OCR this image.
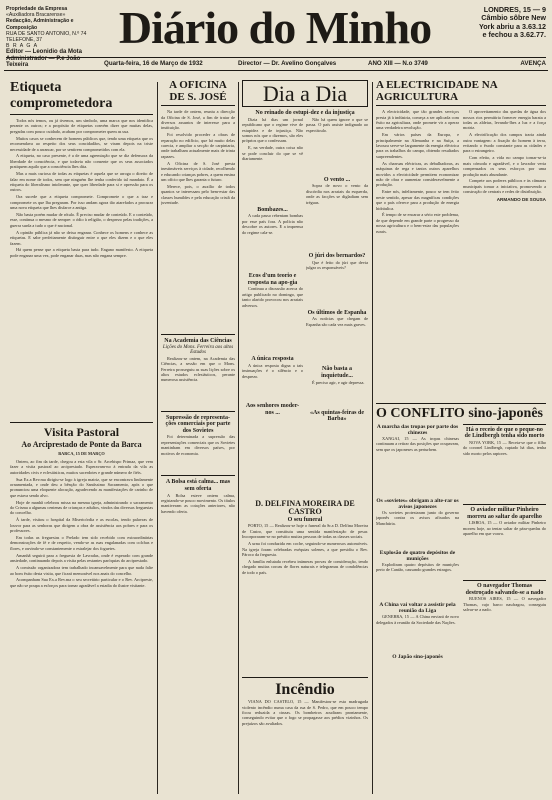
Propriedade da Empresa
«Auxiliadora Bracarense»
Redacção, Administração e Composição
RUA DE SANTO ANTONIO, N.º 74
TELEFONE, 37
B R A G A
Editor — Leonidio da Mota
Administrador — P.e João Teixeira
Diário do Minho	LONDRES, 15 — 9
Câmbio sôbre New
York abriu a 3.63.12
e fechou a 3.62.77.
Quarta-feira, 16 de Março de 1932	Director — Dr. Avelino Gonçalves	ANO XIII — N.o 3749	AVENÇA
Etiqueta comprometedora

Todos nós temos, ou já tivemos, um símbolo, uma marca que nos identifica perante os outros; e a propósito de etiquetas convém dizer que muitas delas, pregadas com pouco cuidado, acabam por comprometer quem as usa.

Muitos casos se conhecem de homens públicos que, tendo uma etiqueta que os recomendava ao respeito dos seus concidadãos, se viram depois na triste necessidade de a arrancar, por se sentirem comprometidos com ela.

A etiqueta, no caso presente, é a de uma agremiação que se diz defensora da liberdade de consciência, e que todavia não consente que os seus associados pratiquem aquilo que a consciência lhes dita.

Mas a mais curiosa de todas as etiquetas é aquela que se arroga o direito de falar em nome de todos, sem que ninguém lhe tenha conferido tal mandato. É a etiqueta do liberalismo intolerante, que quer liberdade para si e opressão para os outros.

Ora sucede que a etiqueta compromete. Compromete o que a traz e compromete os que lha pregaram. Por isso andam agora tão atarefados a procurar uma nova etiqueta que lhes disfarce a antiga.

Não basta porém mudar de rótulo. É preciso mudar de conteúdo. E o conteúdo, esse, continua o mesmo de sempre: o ódio à religião, o desprezo pelas tradições, a guerra surda a tudo o que é nacional.

A opinião pública já não se deixa enganar. Conhece os homens e conhece as etiquetas. E sabe perfeitamente distinguir entre o que eles dizem e o que eles fazem.

Há quem pense que a etiqueta basta para tudo. Engano manifesto. A etiqueta pode enganar uma vez, pode enganar duas, mas não engana sempre.

Visita Pastoral
Ao Arciprestado de Ponte da Barca
BARCA, 15 DE MARÇO

Ontem, ao fim da tarde, chegou a esta vila o Sr. Arcebispo Primaz, que vem fazer a visita pastoral ao arciprestado. Esperavam-no à entrada da vila as autoridades civis e eclesiásticas, muitos sacerdotes e grande número de fiéis.

Sua Ex.a Rev.ma dirigiu-se logo à igreja matriz, que se encontrava lindamente ornamentada, e onde deu a bênção do Santíssimo Sacramento, após o que pronunciou uma eloquente alocução, agradecendo as manifestações de carinho de que estava sendo alvo.

Hoje de manhã celebrou missa na mesma igreja, administrando o sacramento do Crisma a algumas centenas de crianças e adultos, vindos das diversas freguesias do concelho.

À tarde, visitou o hospital da Misericórdia e as escolas, tendo palavras de louvor para as senhoras que dirigem a obra de assistência aos pobres e para os professores.

Em todas as freguesias o Prelado tem sido recebido com extraordinárias demonstrações de fé e de respeito, vendo-se as ruas engalanadas com colchas e flores, e ouvindo-se constantemente o estralejar dos foguetes.

Amanhã seguirá para a freguesia de Lavradas, onde é esperado com grande ansiedade, continuando depois a visita pelas restantes paróquias do arciprestado.

A comissão organizadora tem trabalhado incansavelmente para que nada falte ao bom êxito desta visita, que ficará memorável nos anais do concelho.

Acompanham Sua Ex.a Rev.ma o seu secretário particular e o Rev. Arcipreste, que não se poupa a esforços para tornar agradável a estadia do ilustre visitante.

A OFICINA DE S. JOSÉ

Na tarde de ontem, reuniu a direcção da Oficina de S. José, a fim de tratar de diversos assuntos de interesse para a instituição.

Foi resolvido proceder a obras de reparação no edifício, que há muito delas carecia, e ampliar a secção de carpintaria, onde trabalham actualmente mais de trinta rapazes.

A Oficina de S. José presta inestimáveis serviços à cidade, recolhendo e educando crianças pobres, a quem ensina um ofício que lhes garanta o futuro.

Merece, pois, o auxílio de todos quantos se interessam pelo bem-estar das classes humildes e pela educação cristã da juventude.

Na Academia das Ciências
Lições do Mons. Ferreira aos altos Estudos

Realizou-se ontem, na Academia das Ciências, a sessão em que o Mons. Ferreira prosseguiu as suas lições sobre os altos estudos eclesiásticos, perante numerosa assistência.

Supressão de representa-ções comerciais por parte dos Sovietes

Foi determinada a supressão das representações comerciais que os Sovietes mantinham em diversos países, por motivos de economia.

A Bolsa está calma... mas sem oferta

A Bolsa esteve ontem calma, registando-se pouco movimento. Os títulos mantiveram as cotações anteriores, não havendo oferta.

D. DELFINA MOREIRA DE CASTRO
O seu funeral

PORTO, 15 — Realizou-se hoje o funeral da Sr.a D. Delfina Moreira de Castro, que constituiu uma sentida manifestação de pesar. Incorporaram-se no préstito muitas pessoas de todas as classes sociais.

A urna foi conduzida em coche, seguindo-se numerosos automóveis. Na igreja foram celebradas exéquias solenes, a que presidiu o Rev. Pároco da freguesia.

A família enlutada recebeu inúmeras provas de consideração, tendo chegado muitas coroas de flores naturais e telegramas de condolências de todo o país.

Incêndio

VIANA DO CASTELO, 15 — Manifestou-se esta madrugada violento incêndio numa casa da rua de S. Pedro, que em pouco tempo ficou reduzida a cinzas. Os bombeiros acudiram prontamente, conseguindo evitar que o fogo se propagasse aos prédios vizinhos. Os prejuízos são avultados.

Dia a Dia
No reinado do estupi-dez e da injustiça

Dizia há dias um jornal republicano que o regime vive de estupidez e de injustiça. Não somos nós que o dizemos, são eles próprios que o confessam.

E, na verdade, outra coisa não se pode concluir do que se vê diariamente.

Bombazes...

A cada passo rebentam bombas por esse país fora. A polícia não descobre os autores. E a imprensa do regime cala-se.

Ecos d'um teorio e resposta na apo-gia

Continua a discussão acerca do artigo publicado no domingo, que tanto alarido provocou nos arraiais adversos.

A única resposta

A única resposta digna a tais insinuações é o silêncio e o desprezo.

Aos senhores moder-nos ...

Não há quem ignore o que se passa. O país assiste indignado ao espectáculo.

O vento ...

Sopra de novo o vento da discórdia nos arraiais da esquerda, onde as facções se digladiam sem tréguas.

O júri dos bernardos?

Que é feito do júri que devia julgar os responsáveis?

Os últimos de Espanha

As notícias que chegam de Espanha são cada vez mais graves.

Não basta a inquietude...

É preciso agir, e agir depressa.

«As quintas-feiras de Barba»
A ELECTRICIDADE NA AGRICULTURA

A electricidade, que tão grandes serviços presta já à indústria, começa a ser aplicada com êxito na agricultura, onde promete vir a operar uma verdadeira revolução.

Em vários países da Europa, e principalmente na Alemanha e na Suíça, a lavoura serve-se largamente da energia eléctrica para os trabalhos do campo, obtendo resultados surpreendentes.

As charruas eléctricas, as debulhadoras, as máquinas de rega e tantos outros aparelhos movidos a electricidade permitem economizar mão de obra e aumentar consideravelmente a produção.

Entre nós, infelizmente, pouco se tem feito neste sentido, apesar das magníficas condições que o país oferece para a produção de energia hidráulica.

É tempo de se encarar a sério este problema, de que depende em grande parte o progresso da nossa agricultura e o bem-estar das populações rurais.

O aproveitamento das quedas de água dos nossos rios permitiria fornecer energia barata a todas as aldeias, levando-lhes a luz e a força motriz.

A electrificação dos campos traria ainda outra vantagem: a fixação do homem à terra, evitando o êxodo constante para as cidades e para o estrangeiro.

Com efeito, a vida no campo tornar-se-ia mais cómoda e agradável, e o lavrador veria compensados os seus esforços por uma produção mais abundante.

Compete aos poderes públicos e às câmaras municipais tomar a iniciativa, promovendo a construção de centrais e redes de distribuição.

ARMANDO DE SOUSA
O CONFLITO sino-japonês
A marcha das tropas por parte dos chinezes

XANGAI, 15 — As tropas chinesas continuam a retirar das posições que ocupavam, sem que os japoneses as perturbem.

Os «sovietes» obrigam a alte-rar os avisos japonezes

Os sovietes protestaram junto do governo japonês contra os avisos afixados na Manchúria.

Explosão de quatro depósitos de munições

Explodiram quatro depósitos de munições perto de Cantão, causando grandes estragos.

A China vai voltar a assistir pela reunião da Liga

GENEBRA, 15 — A China enviará de novo delegados à reunião da Sociedade das Nações.

O Japão sino-japonês
Há o receio de que o peque-no de Lindbergh tenha sido morto

NOVA YORK, 15 — Receia-se que o filho do coronel Lindbergh, raptado há dias, tenha sido morto pelos raptores.

O aviador militar Pinheiro morreu ao saltar do aparelho

LISBOA, 15 — O aviador militar Pinheiro morreu hoje, ao tentar saltar de pára-quedas do aparelho em que voava.

O navegador Thomas destroçado salvando-se a nado

BUENOS AIRES, 15 — O navegador Thomas, cujo barco naufragou, conseguiu salvar-se a nado.
